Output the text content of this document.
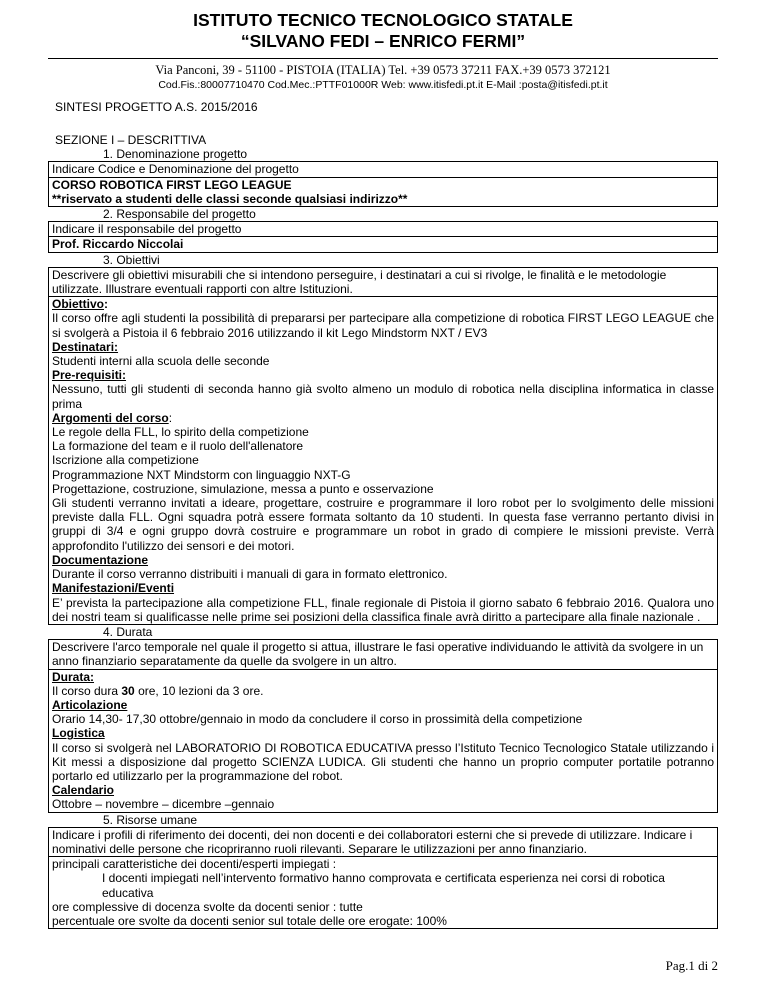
ISTITUTO TECNICO TECNOLOGICO STATALE

“SILVANO FEDI – ENRICO FERMI”

Via Panconi, 39 - 51100 - PISTOIA (ITALIA) Tel. +39 0573 37211 FAX.+39 0573 372121
Cod.Fis.:80007710470 Cod.Mec.:PTTF01000R Web: www.itisfedi.pt.it E-Mail :posta@itisfedi.pt.it
SINTESI PROGETTO A.S. 2015/2016
SEZIONE I – DESCRITTIVA
1. Denominazione progetto
Indicare Codice e Denominazione del progetto
CORSO ROBOTICA FIRST LEGO LEAGUE
**riservato a studenti delle classi seconde qualsiasi indirizzo**
2. Responsabile del progetto
Indicare il responsabile del progetto
Prof. Riccardo Niccolai
3. Obiettivi
Descrivere gli obiettivi misurabili che si intendono perseguire, i destinatari a cui si rivolge, le finalità e le metodologie utilizzate. Illustrare eventuali rapporti con altre Istituzioni.
Obiettivo:
Il corso offre agli studenti la possibilità di prepararsi per partecipare alla competizione di robotica FIRST LEGO LEAGUE che si svolgerà a Pistoia il 6 febbraio 2016 utilizzando il kit Lego Mindstorm NXT / EV3
Destinatari:
Studenti interni alla scuola delle seconde
Pre-requisiti:
Nessuno, tutti gli studenti di seconda hanno già svolto almeno un modulo di robotica nella disciplina informatica in classe prima
Argomenti del corso:
Le regole della FLL, lo spirito della competizione
La formazione del team e il ruolo dell'allenatore
Iscrizione alla competizione
Programmazione NXT Mindstorm con linguaggio NXT-G
Progettazione, costruzione, simulazione, messa a punto e osservazione
Gli studenti verranno invitati a ideare, progettare, costruire e programmare il loro robot per lo svolgimento delle missioni previste dalla FLL. Ogni squadra potrà essere formata soltanto da 10 studenti. In questa fase verranno pertanto divisi in gruppi di 3/4 e ogni gruppo dovrà costruire e programmare un robot in grado di compiere le missioni previste. Verrà approfondito l'utilizzo dei sensori e dei motori.
Documentazione
Durante il corso verranno distribuiti i manuali di gara in formato elettronico.
Manifestazioni/Eventi
E’ prevista la partecipazione alla competizione FLL, finale regionale di Pistoia il giorno sabato 6 febbraio 2016. Qualora uno dei nostri team si qualificasse nelle prime sei posizioni della classifica finale avrà diritto a partecipare alla finale nazionale .
4. Durata
Descrivere l'arco temporale nel quale il progetto si attua, illustrare le fasi operative individuando le attività da svolgere in un anno finanziario separatamente da quelle da svolgere in un altro.
Durata:
Il corso dura 30 ore, 10 lezioni da 3 ore.
Articolazione
Orario 14,30- 17,30 ottobre/gennaio in modo da concludere il corso in prossimità della competizione
Logistica
Il corso si svolgerà nel LABORATORIO DI ROBOTICA EDUCATIVA presso l’Istituto Tecnico Tecnologico Statale utilizzando i Kit messi a disposizione dal progetto SCIENZA LUDICA. Gli studenti che hanno un proprio computer portatile potranno portarlo ed utilizzarlo per la programmazione del robot.
Calendario
Ottobre – novembre – dicembre –gennaio
5. Risorse umane
Indicare i profili di riferimento dei docenti, dei non docenti e dei collaboratori esterni che si prevede di utilizzare. Indicare i nominativi delle persone che ricopriranno ruoli rilevanti. Separare le utilizzazioni per anno finanziario.
principali caratteristiche dei docenti/esperti impiegati :
I docenti impiegati nell’intervento formativo hanno comprovata e certificata esperienza nei corsi di robotica educativa
ore complessive di docenza svolte da docenti senior : tutte
percentuale ore svolte da docenti senior sul totale delle ore erogate: 100%
Pag.1 di 2
